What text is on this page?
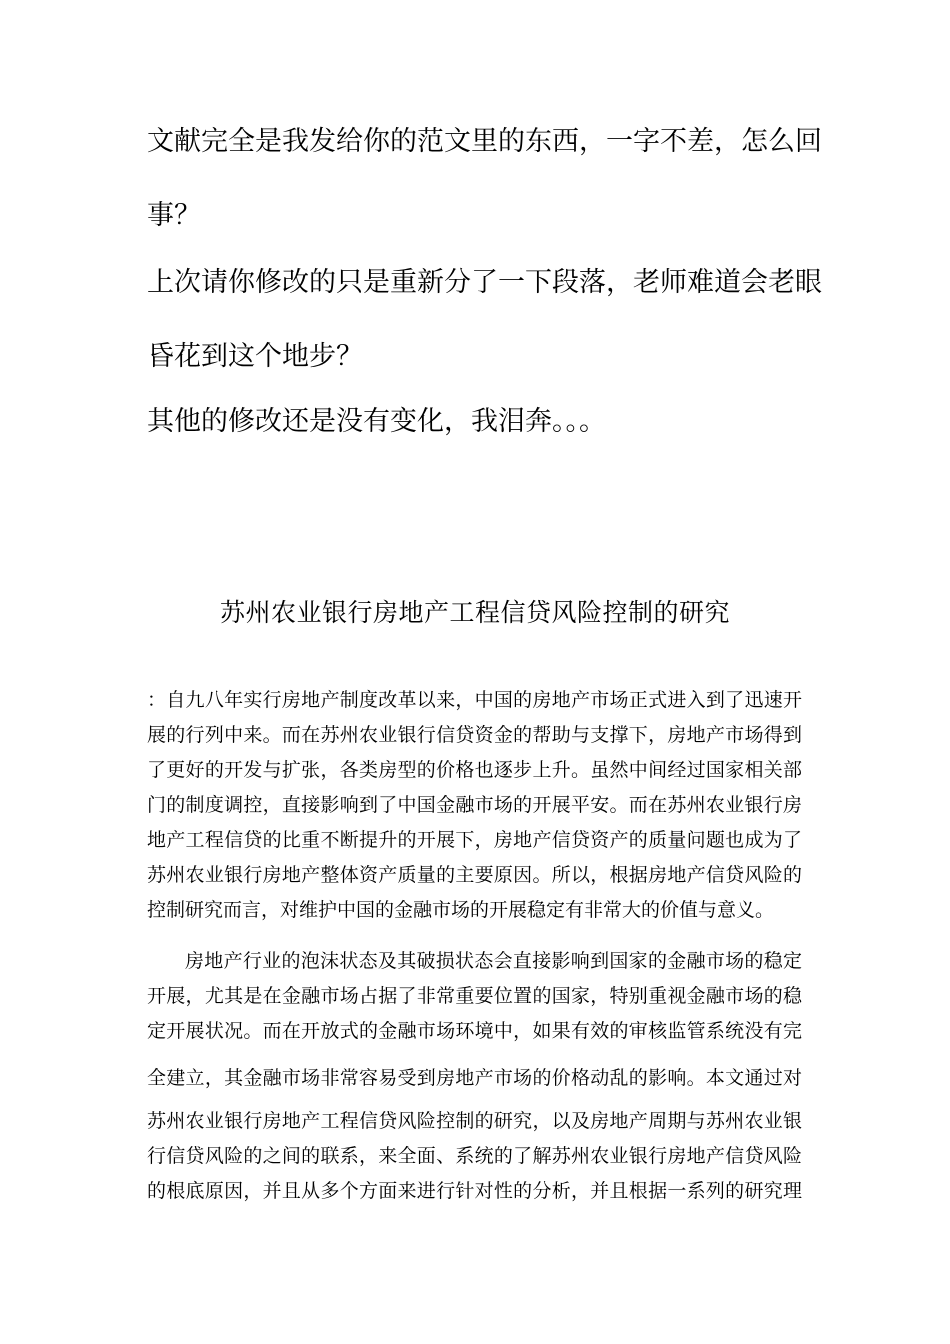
文献完全是我发给你的范文里的东西，一字不差，怎么回
事？
上次请你修改的只是重新分了一下段落，老师难道会老眼
昏花到这个地步？
其他的修改还是没有变化，我泪奔。。。
苏州农业银行房地产工程信贷风险控制的研究
：自九八年实行房地产制度改革以来，中国的房地产市场正式进入到了迅速开
展的行列中来。而在苏州农业银行信贷资金的帮助与支撑下，房地产市场得到
了更好的开发与扩张，各类房型的价格也逐步上升。虽然中间经过国家相关部
门的制度调控，直接影响到了中国金融市场的开展平安。而在苏州农业银行房
地产工程信贷的比重不断提升的开展下，房地产信贷资产的质量问题也成为了
苏州农业银行房地产整体资产质量的主要原因。所以，根据房地产信贷风险的
控制研究而言，对维护中国的金融市场的开展稳定有非常大的价值与意义。
房地产行业的泡沫状态及其破损状态会直接影响到国家的金融市场的稳定
开展，尤其是在金融市场占据了非常重要位置的国家，特别重视金融市场的稳
定开展状况。而在开放式的金融市场环境中，如果有效的审核监管系统没有完
全建立，其金融市场非常容易受到房地产市场的价格动乱的影响。本文通过对
苏州农业银行房地产工程信贷风险控制的研究，以及房地产周期与苏州农业银
行信贷风险的之间的联系，来全面、系统的了解苏州农业银行房地产信贷风险
的根底原因，并且从多个方面来进行针对性的分析，并且根据一系列的研究理
